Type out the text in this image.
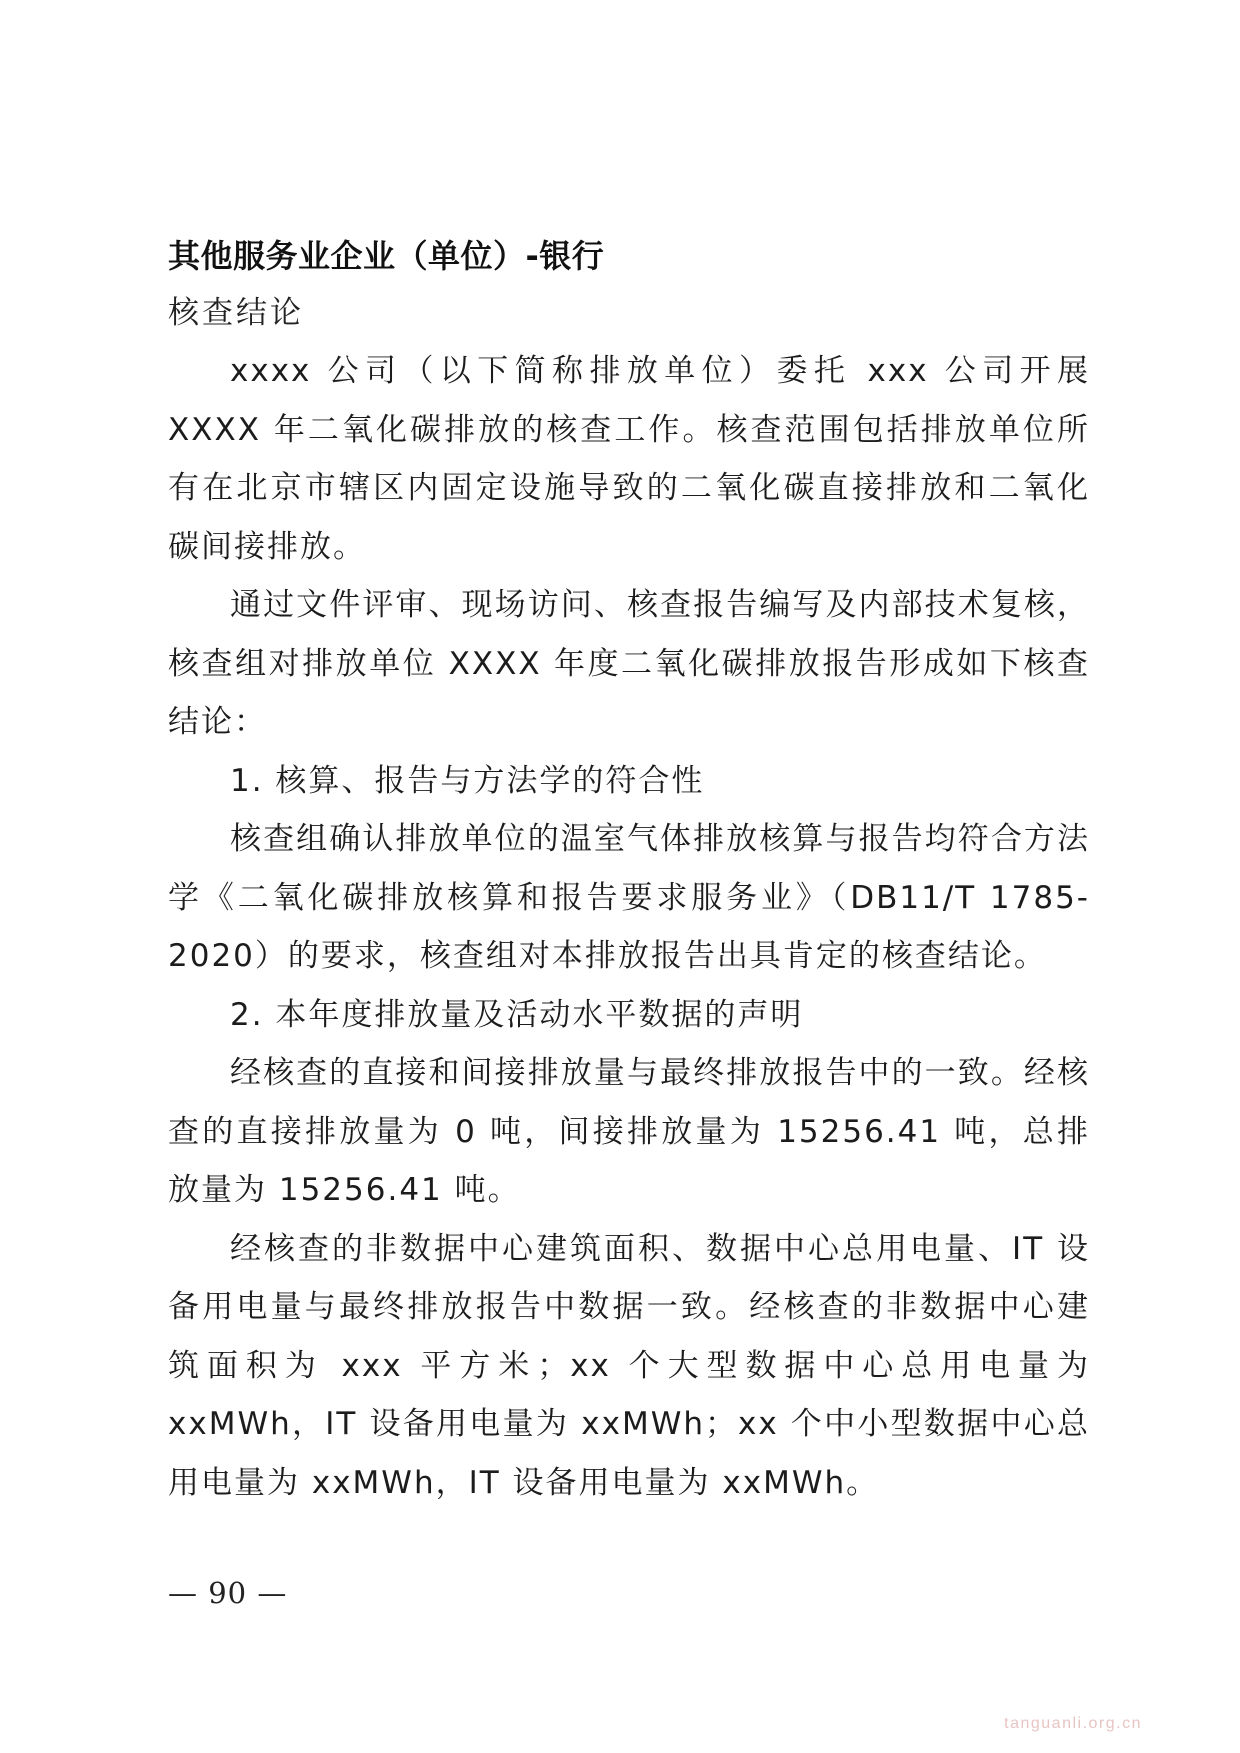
其他服务业企业（单位）-银行

核查结论

xxxx 公司（以下简称排放单位）委托 xxx 公司开展 XXXX 年二氧化碳排放的核查工作。核查范围包括排放单位所有在北京市辖区内固定设施导致的二氧化碳直接排放和二氧化碳间接排放。

通过文件评审、现场访问、核查报告编写及内部技术复核，核查组对排放单位 XXXX 年度二氧化碳排放报告形成如下核查结论：

1. 核算、报告与方法学的符合性

核查组确认排放单位的温室气体排放核算与报告均符合方法学《二氧化碳排放核算和报告要求服务业》（DB11/T 1785-2020）的要求，核查组对本排放报告出具肯定的核查结论。

2. 本年度排放量及活动水平数据的声明

经核查的直接和间接排放量与最终排放报告中的一致。经核查的直接排放量为 0 吨，间接排放量为 15256.41 吨，总排放量为 15256.41 吨。

经核查的非数据中心建筑面积、数据中心总用电量、IT 设备用电量与最终排放报告中数据一致。经核查的非数据中心建筑面积为 xxx 平方米；xx 个大型数据中心总用电量为 xxMWh，IT 设备用电量为 xxMWh；xx 个中小型数据中心总用电量为 xxMWh，IT 设备用电量为 xxMWh。

— 90 —
tanguanli.org.cn
